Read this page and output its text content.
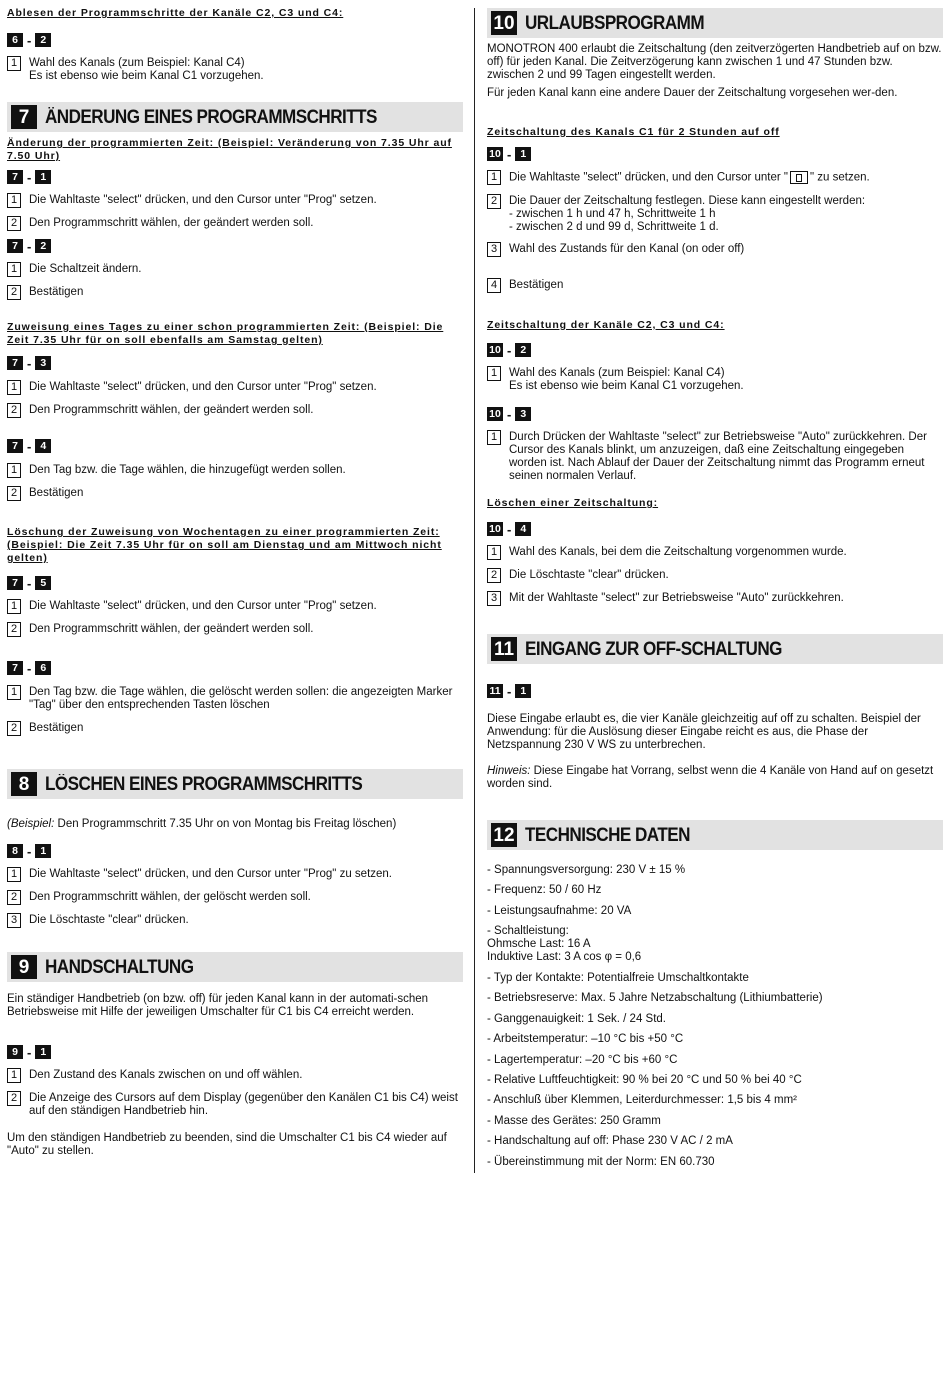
Ablesen der Programmschritte der Kanäle C2, C3 und C4:
6 - 2
1	Wahl des Kanals (zum Beispiel: Kanal C4)
Es ist ebenso wie beim Kanal C1 vorzugehen.
7 ÄNDERUNG EINES PROGRAMMSCHRITTS
Änderung der programmierten Zeit: (Beispiel: Veränderung von 7.35 Uhr auf 7.50 Uhr)
7 - 1
1	Die Wahltaste "select" drücken, und den Cursor unter "Prog" setzen.
2	Den Programmschritt wählen, der geändert werden soll.
7 - 2
1	Die Schaltzeit ändern.
2	Bestätigen
Zuweisung eines Tages zu einer schon programmierten Zeit: (Beispiel: Die Zeit 7.35 Uhr für on soll ebenfalls am Samstag gelten)
7 - 3
1	Die Wahltaste "select" drücken, und den Cursor unter "Prog" setzen.
2	Den Programmschritt wählen, der geändert werden soll.
7 - 4
1	Den Tag bzw. die Tage wählen, die hinzugefügt werden sollen.
2	Bestätigen
Löschung der Zuweisung von Wochentagen zu einer programmierten Zeit: (Beispiel: Die Zeit 7.35 Uhr für on soll am Dienstag und am Mittwoch nicht gelten)
7 - 5
1	Die Wahltaste "select" drücken, und den Cursor unter "Prog" setzen.
2	Den Programmschritt wählen, der geändert werden soll.
7 - 6
1	Den Tag bzw. die Tage wählen, die gelöscht werden sollen: die angezeigten Marker "Tag" über den entsprechenden Tasten löschen
2	Bestätigen
8 LÖSCHEN EINES PROGRAMMSCHRITTS
(Beispiel: Den Programmschritt 7.35 Uhr on von Montag bis Freitag löschen)
8 - 1
1	Die Wahltaste "select" drücken, und den Cursor unter "Prog" zu setzen.
2	Den Programmschritt wählen, der gelöscht werden soll.
3	Die Löschtaste "clear" drücken.
9 HANDSCHALTUNG
Ein ständiger Handbetrieb (on bzw. off) für jeden Kanal kann in der automati-schen Betriebsweise mit Hilfe der jeweiligen Umschalter für C1 bis C4 erreicht werden.
9 - 1
1	Den Zustand des Kanals zwischen on und off wählen.
2	Die Anzeige des Cursors auf dem Display (gegenüber den Kanälen C1 bis C4) weist auf den ständigen Handbetrieb hin.
Um den ständigen Handbetrieb zu beenden, sind die Umschalter C1 bis C4 wieder auf "Auto" zu stellen.
10 URLAUBSPROGRAMM
MONOTRON 400 erlaubt die Zeitschaltung (den zeitverzögerten Handbetrieb auf on bzw. off) für jeden Kanal. Die Zeitverzögerung kann zwischen 1 und 47 Stunden bzw. zwischen 2 und 99 Tagen eingestellt werden.
Für jeden Kanal kann eine andere Dauer der Zeitschaltung vorgesehen wer-den.
Zeitschaltung des Kanals C1 für 2 Stunden auf off
10 - 1
1	Die Wahltaste "select" drücken, und den Cursor unter " " zu setzen.
2	Die Dauer der Zeitschaltung festlegen. Diese kann eingestellt werden:
- zwischen 1 h und 47 h, Schrittweite 1 h
- zwischen 2 d und 99 d, Schrittweite 1 d.
3	Wahl des Zustands für den Kanal (on oder off)
4	Bestätigen
Zeitschaltung der Kanäle C2, C3 und C4:
10 - 2
1	Wahl des Kanals (zum Beispiel: Kanal C4)
Es ist ebenso wie beim Kanal C1 vorzugehen.
10 - 3
1	Durch Drücken der Wahltaste "select" zur Betriebsweise "Auto" zurückkehren. Der Cursor des Kanals blinkt, um anzuzeigen, daß eine Zeitschaltung eingegeben worden ist. Nach Ablauf der Dauer der Zeitschaltung nimmt das Programm erneut seinen normalen Verlauf.
Löschen einer Zeitschaltung:
10 - 4
1	Wahl des Kanals, bei dem die Zeitschaltung vorgenommen wurde.
2	Die Löschtaste "clear" drücken.
3	Mit der Wahltaste "select" zur Betriebsweise "Auto" zurückkehren.
11 EINGANG ZUR OFF-SCHALTUNG
11 - 1
Diese Eingabe erlaubt es, die vier Kanäle gleichzeitig auf off zu schalten. Beispiel der Anwendung: für die Auslösung dieser Eingabe reicht es aus, die Phase der Netzspannung 230 V WS zu unterbrechen.
Hinweis: Diese Eingabe hat Vorrang, selbst wenn die 4 Kanäle von Hand auf on gesetzt worden sind.
12 TECHNISCHE DATEN
- Spannungsversorgung: 230 V ± 15 %
- Frequenz: 50 / 60 Hz
- Leistungsaufnahme: 20 VA
- Schaltleistung:
Ohmsche Last: 16 A
Induktive Last: 3 A cos φ = 0,6
- Typ der Kontakte: Potentialfreie Umschaltkontakte
- Betriebsreserve: Max. 5 Jahre Netzabschaltung (Lithiumbatterie)
- Ganggenauigkeit: 1 Sek. / 24 Std.
- Arbeitstemperatur: –10 °C bis +50 °C
- Lagertemperatur: –20 °C bis +60 °C
- Relative Luftfeuchtigkeit: 90 % bei 20 °C und 50 % bei 40 °C
- Anschluß über Klemmen, Leiterdurchmesser: 1,5 bis 4 mm²
- Masse des Gerätes: 250 Gramm
- Handschaltung auf off: Phase 230 V AC / 2 mA
- Übereinstimmung mit der Norm: EN 60.730
